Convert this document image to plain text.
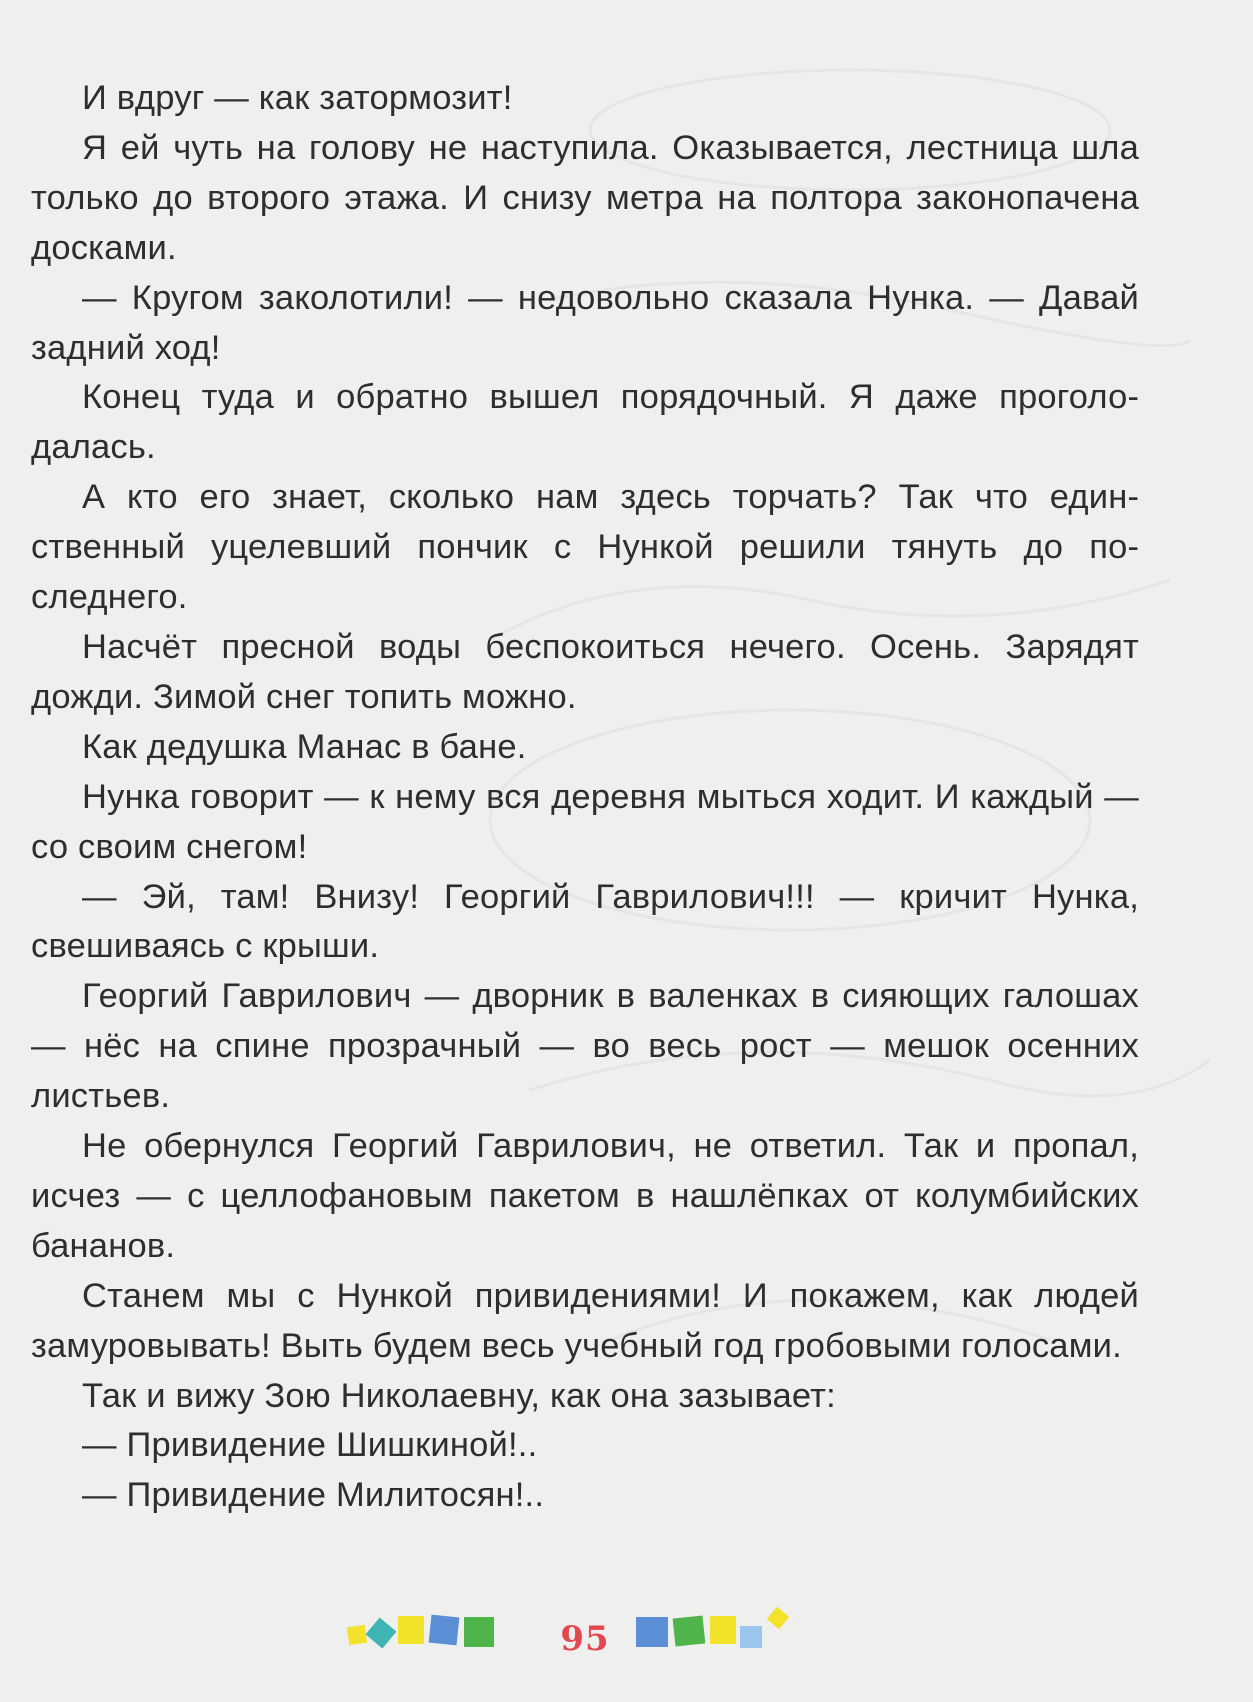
И вдруг — как затормозит!

Я ей чуть на голову не наступила. Оказывается, лестница шла только до второго этажа. И снизу метра на полтора законопачена досками.

— Кругом заколотили! — недовольно сказала Нунка. — Давай задний ход!

Конец туда и обратно вышел порядочный. Я даже проголодалась.

А кто его знает, сколько нам здесь торчать? Так что единственный уцелевший пончик с Нункой решили тянуть до последнего.

Насчёт пресной воды беспокоиться нечего. Осень. Зарядят дожди. Зимой снег топить можно.

Как дедушка Манас в бане.

Нунка говорит — к нему вся деревня мыться ходит. И каждый — со своим снегом!

— Эй, там! Внизу! Георгий Гаврилович!!! — кричит Нунка, свешиваясь с крыши.

Георгий Гаврилович — дворник в валенках в сияющих галошах — нёс на спине прозрачный — во весь рост — мешок осенних листьев.

Не обернулся Георгий Гаврилович, не ответил. Так и пропал, исчез — с целлофановым пакетом в нашлёпках от колумбийских бананов.

Станем мы с Нункой привидениями! И покажем, как людей замуровывать! Выть будем весь учебный год гробовыми голосами.

Так и вижу Зою Николаевну, как она зазывает:

— Привидение Шишкиной!..

— Привидение Милитосян!..

95
